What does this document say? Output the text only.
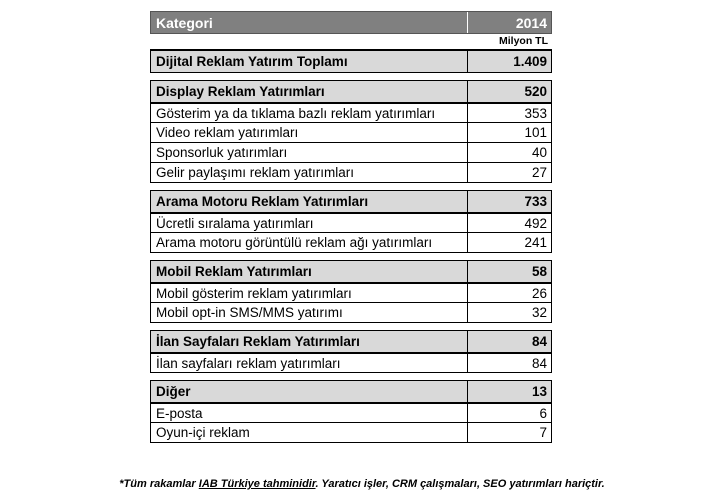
Kategori	2014
Milyon TL
Dijital Reklam Yatırım Toplamı	1.409
Display Reklam Yatırımları	520
Gösterim ya da tıklama bazlı reklam yatırımları	353
Video reklam yatırımları	101
Sponsorluk yatırımları	40
Gelir paylaşımı reklam yatırımları	27
Arama Motoru Reklam Yatırımları	733
Ücretli sıralama yatırımları	492
Arama motoru görüntülü reklam ağı yatırımları	241
Mobil Reklam Yatırımları	58
Mobil gösterim reklam yatırımları	26
Mobil opt-in SMS/MMS yatırımı	32
İlan Sayfaları Reklam Yatırımları	84
İlan sayfaları reklam yatırımları	84
Diğer	13
E-posta	6
Oyun-içi reklam	7
*Tüm rakamlar IAB Türkiye tahminidir. Yaratıcı işler, CRM çalışmaları, SEO yatırımları hariçtir.
